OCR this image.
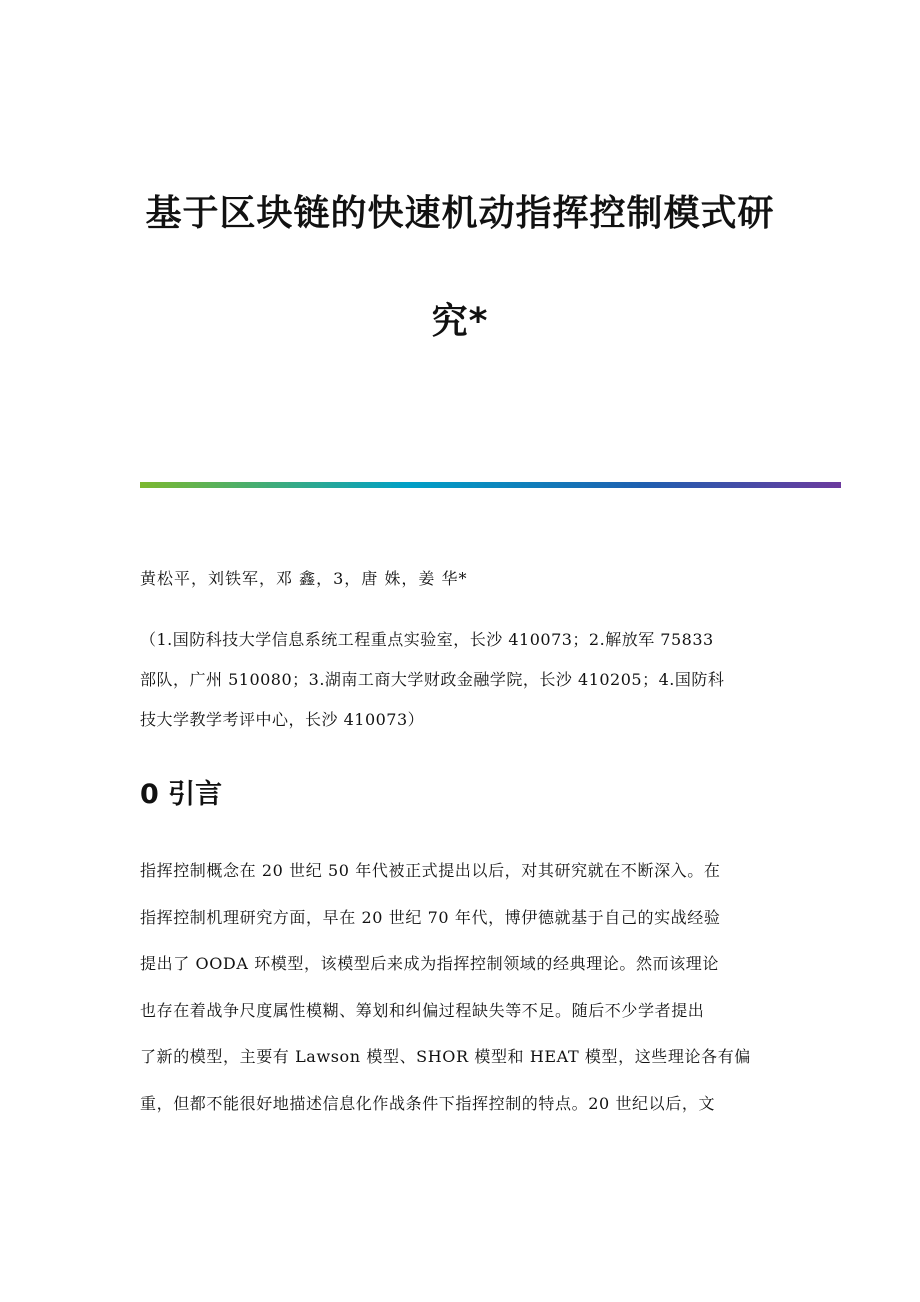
基于区块链的快速机动指挥控制模式研
究*
黄松平，刘铁军，邓 鑫，3，唐 姝，姜 华*
（1.国防科技大学信息系统工程重点实验室，长沙 410073；2.解放军 75833
部队，广州 510080；3.湖南工商大学财政金融学院，长沙 410205；4.国防科
技大学教学考评中心，长沙 410073）
0 引言
指挥控制概念在 20 世纪 50 年代被正式提出以后，对其研究就在不断深入。在
指挥控制机理研究方面，早在 20 世纪 70 年代，博伊德就基于自己的实战经验
提出了 OODA 环模型，该模型后来成为指挥控制领域的经典理论。然而该理论
也存在着战争尺度属性模糊、筹划和纠偏过程缺失等不足。随后不少学者提出
了新的模型，主要有 Lawson 模型、SHOR 模型和 HEAT 模型，这些理论各有偏
重，但都不能很好地描述信息化作战条件下指挥控制的特点。20 世纪以后，文
